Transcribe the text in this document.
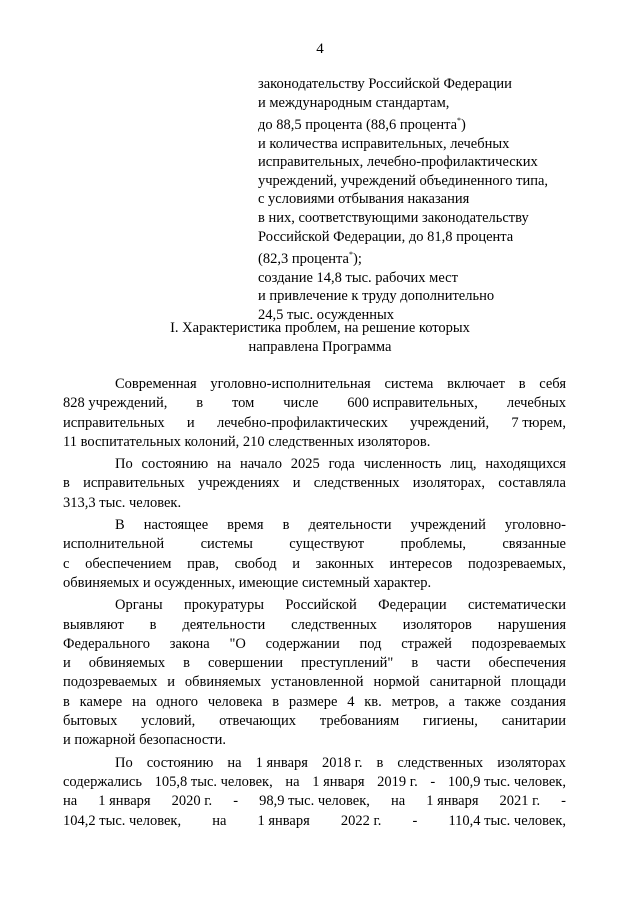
4
законодательству Российской Федерации
и международным стандартам,
до 88,5 процента (88,6 процента*)
и количества исправительных, лечебных
исправительных, лечебно-профилактических
учреждений, учреждений объединенного типа,
с условиями отбывания наказания
в них, соответствующими законодательству
Российской Федерации, до 81,8 процента
(82,3 процента*);
создание 14,8 тыс. рабочих мест
и привлечение к труду дополнительно
24,5 тыс. осужденных
I. Характеристика проблем, на решение которых
направлена Программа
Современная уголовно-исполнительная система включает в себя
828 учреждений, в том числе 600 исправительных, лечебных
исправительных и лечебно-профилактических учреждений, 7 тюрем,
11 воспитательных колоний, 210 следственных изоляторов.
По состоянию на начало 2025 года численность лиц, находящихся
в исправительных учреждениях и следственных изоляторах, составляла
313,3 тыс. человек.
В настоящее время в деятельности учреждений уголовно-
исполнительной	системы	существуют	проблемы,	связанные
с обеспечением прав, свобод и законных интересов подозреваемых,
обвиняемых и осужденных, имеющие системный характер.
Органы прокуратуры Российской Федерации систематически
выявляют в деятельности следственных изоляторов нарушения
Федерального закона "О содержании под стражей подозреваемых
и обвиняемых в совершении преступлений" в части обеспечения
подозреваемых и обвиняемых установленной нормой санитарной площади
в камере на одного человека в размере 4 кв. метров, а также создания
бытовых условий, отвечающих требованиям гигиены, санитарии
и пожарной безопасности.
По состоянию на 1 января 2018 г. в следственных изоляторах
содержались 105,8 тыс. человек, на 1 января 2019 г. - 100,9 тыс. человек,
на 1 января 2020 г. - 98,9 тыс. человек, на 1 января 2021 г. -
104,2 тыс. человек, на 1 января 2022 г. - 110,4 тыс. человек,
